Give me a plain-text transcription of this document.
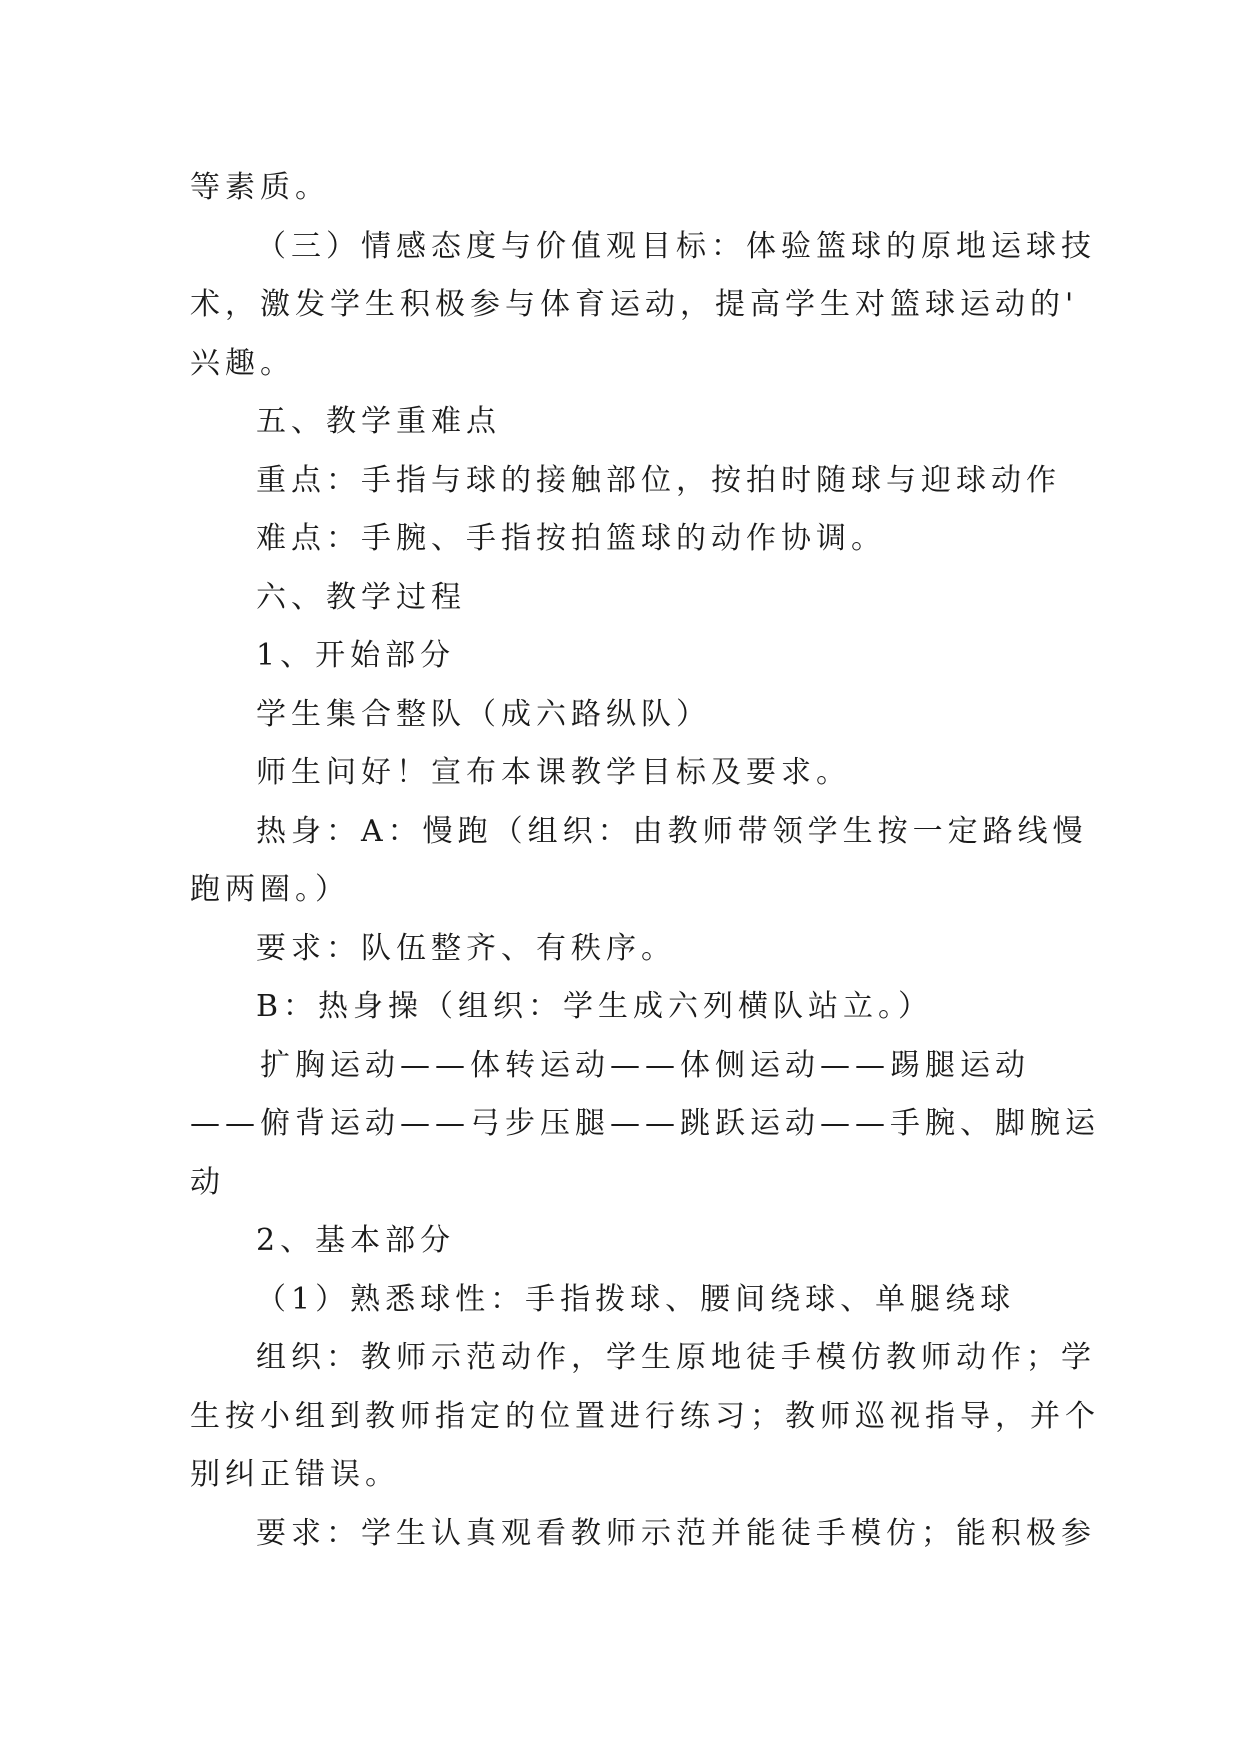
等素质。
（三）情感态度与价值观目标：体验篮球的原地运球技
术，激发学生积极参与体育运动，提高学生对篮球运动的'
兴趣。
五、教学重难点
重点：手指与球的接触部位，按拍时随球与迎球动作
难点：手腕、手指按拍篮球的动作协调。
六、教学过程
1、开始部分
学生集合整队（成六路纵队）
师生问好！宣布本课教学目标及要求。
热身：A：慢跑（组织：由教师带领学生按一定路线慢
跑两圈。）
要求：队伍整齐、有秩序。
B：热身操（组织：学生成六列横队站立。）
扩胸运动——体转运动——体侧运动——踢腿运动
——俯背运动——弓步压腿——跳跃运动——手腕、脚腕运
动
2、基本部分
（1）熟悉球性：手指拨球、腰间绕球、单腿绕球
组织：教师示范动作，学生原地徒手模仿教师动作；学
生按小组到教师指定的位置进行练习；教师巡视指导，并个
别纠正错误。
要求：学生认真观看教师示范并能徒手模仿；能积极参
